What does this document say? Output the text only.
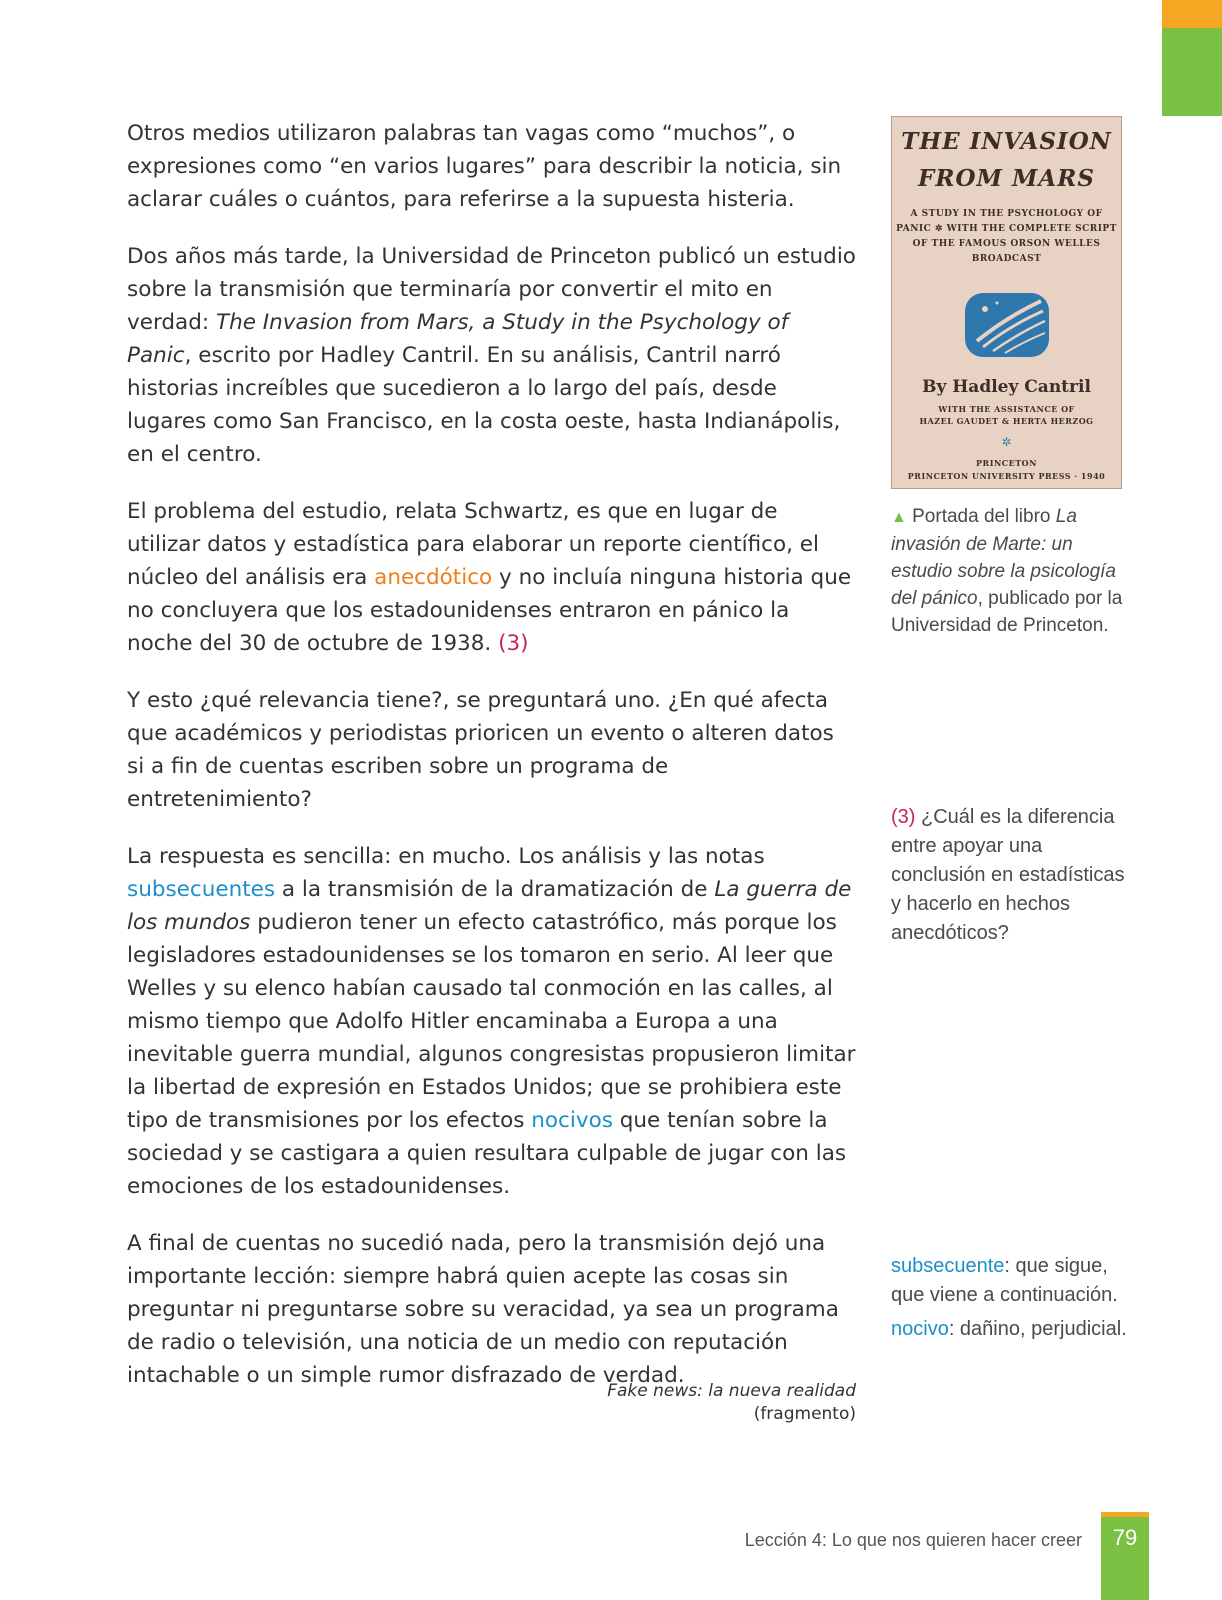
Otros medios utilizaron palabras tan vagas como “muchos”, o expresiones como “en varios lugares” para describir la noticia, sin aclarar cuáles o cuántos, para referirse a la supuesta histeria.

Dos años más tarde, la Universidad de Princeton publicó un estudio sobre la transmisión que terminaría por convertir el mito en verdad: The Invasion from Mars, a Study in the Psychology of Panic, escrito por Hadley Cantril. En su análisis, Cantril narró historias increíbles que sucedieron a lo largo del país, desde lugares como San Francisco, en la costa oeste, hasta Indianápolis, en el centro.

El problema del estudio, relata Schwartz, es que en lugar de utilizar datos y estadística para elaborar un reporte científico, el núcleo del análisis era anecdótico y no incluía ninguna historia que no concluyera que los estadounidenses entraron en pánico la noche del 30 de octubre de 1938. (3)

Y esto ¿qué relevancia tiene?, se preguntará uno. ¿En qué afecta que académicos y periodistas prioricen un evento o alteren datos si a fin de cuentas escriben sobre un programa de entretenimiento?

La respuesta es sencilla: en mucho. Los análisis y las notas subsecuentes a la transmisión de la dramatización de La guerra de los mundos pudieron tener un efecto catastrófico, más porque los legisladores estadounidenses se los tomaron en serio. Al leer que Welles y su elenco habían causado tal conmoción en las calles, al mismo tiempo que Adolfo Hitler encaminaba a Europa a una inevitable guerra mundial, algunos congresistas propusieron limitar la libertad de expresión en Estados Unidos; que se prohibiera este tipo de transmisiones por los efectos nocivos que tenían sobre la sociedad y se castigara a quien resultara culpable de jugar con las emociones de los estadounidenses.

A final de cuentas no sucedió nada, pero la transmisión dejó una importante lección: siempre habrá quien acepte las cosas sin preguntar ni preguntarse sobre su veracidad, ya sea un programa de radio o televisión, una noticia de un medio con reputación intachable o un simple rumor disfrazado de verdad.

Fake news: la nueva realidad
(fragmento)
THE INVASION
FROM MARS
A STUDY IN THE PSYCHOLOGY OF
PANIC ✲ WITH THE COMPLETE SCRIPT
OF THE FAMOUS ORSON WELLES
BROADCAST
By Hadley Cantril
WITH THE ASSISTANCE OF
HAZEL GAUDET & HERTA HERZOG
✲
PRINCETON
PRINCETON UNIVERSITY PRESS · 1940
▲ Portada del libro La invasión de Marte: un estudio sobre la psicología del pánico, publicado por la Universidad de Princeton.
(3) ¿Cuál es la diferencia entre apoyar una conclusión en estadísticas y hacerlo en hechos anecdóticos?
subsecuente: que sigue, que viene a continuación.
nocivo: dañino, perjudicial.
Lección 4: Lo que nos quieren hacer creer	79
